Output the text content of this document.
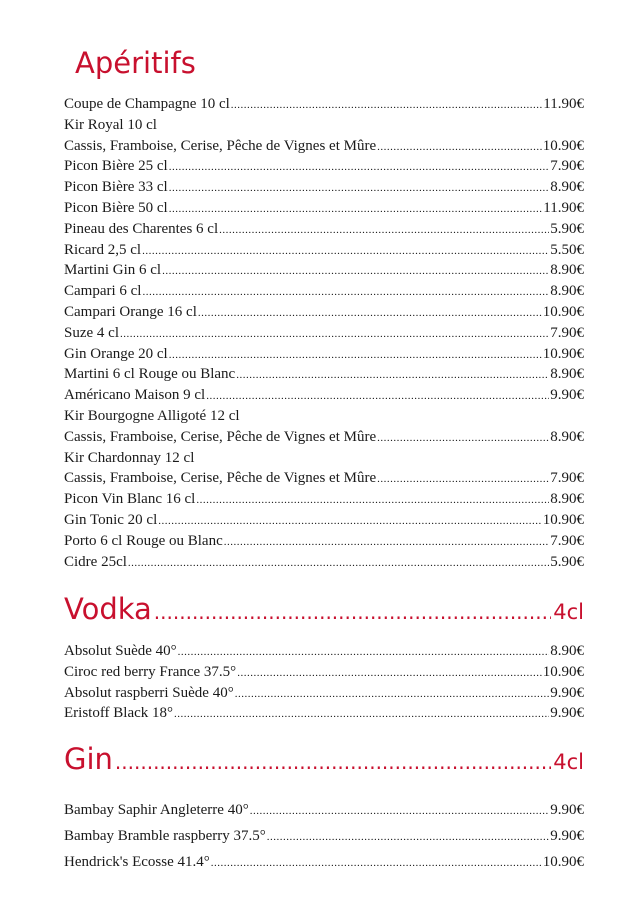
Apéritifs
Coupe de Champagne 10 cl .....	11.90€
Kir Royal 10 cl
Cassis, Framboise, Cerise, Pêche de Vignes et Mûre .....	10.90€
Picon Bière 25 cl .....	7.90€
Picon Bière 33 cl .....	8.90€
Picon Bière 50 cl .....	11.90€
Pineau des Charentes 6 cl .....	5.90€
Ricard 2,5 cl .....	5.50€
Martini Gin 6 cl .....	8.90€
Campari 6 cl .....	8.90€
Campari Orange 16 cl .....	10.90€
Suze 4 cl .....	7.90€
Gin Orange 20 cl .....	10.90€
Martini 6 cl Rouge ou Blanc .....	8.90€
Américano Maison 9 cl .....	9.90€
Kir Bourgogne Alligoté 12 cl
Cassis, Framboise, Cerise, Pêche de Vignes et Mûre .....	8.90€
Kir Chardonnay 12 cl
Cassis, Framboise, Cerise, Pêche de Vignes et Mûre .....	7.90€
Picon Vin Blanc 16 cl .....	8.90€
Gin Tonic 20 cl .....	10.90€
Porto 6 cl Rouge ou Blanc .....	7.90€
Cidre 25cl .....	5.90€
Vodka .....	4cl
Absolut Suède 40° .....	8.90€
Ciroc red berry France 37.5° .....	10.90€
Absolut raspberri Suède 40° .....	9.90€
Eristoff Black 18° .....	9.90€
Gin .....	4cl
Bambay Saphir Angleterre 40° .....	9.90€
Bambay Bramble raspberry 37.5° .....	9.90€
Hendrick's Ecosse 41.4° .....	10.90€
